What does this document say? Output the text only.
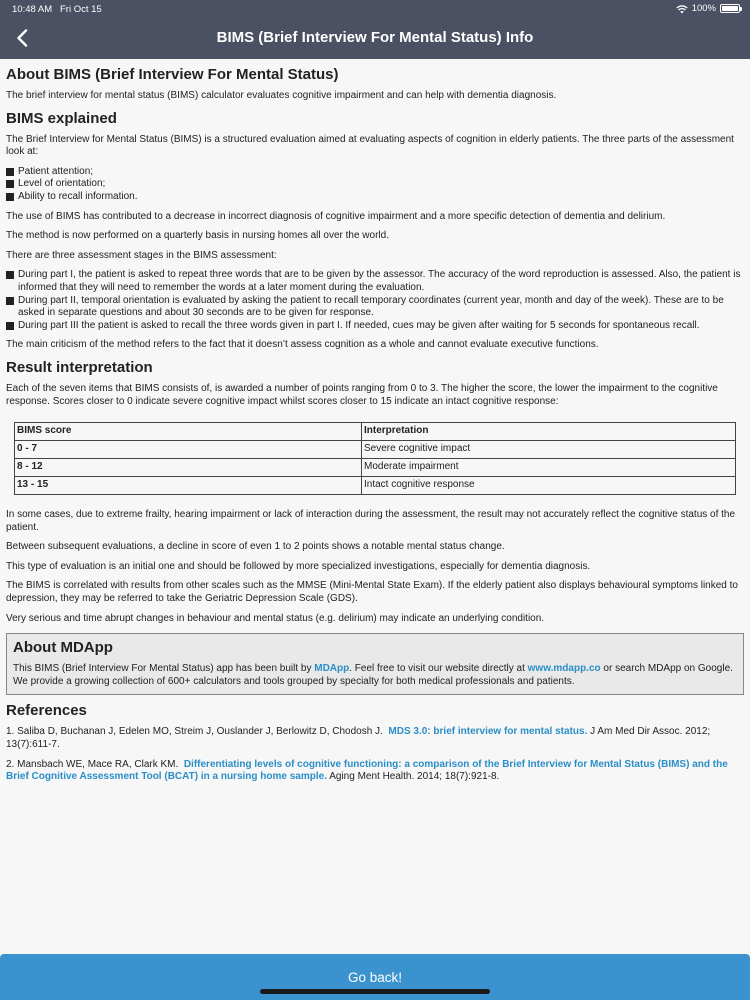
10:48 AM Fri Oct 15	100%
BIMS (Brief Interview For Mental Status) Info
About BIMS (Brief Interview For Mental Status)

The brief interview for mental status (BIMS) calculator evaluates cognitive impairment and can help with dementia diagnosis.

BIMS explained

The Brief Interview for Mental Status (BIMS) is a structured evaluation aimed at evaluating aspects of cognition in elderly patients. The three parts of the assessment look at:

Patient attention;
Level of orientation;
Ability to recall information.

The use of BIMS has contributed to a decrease in incorrect diagnosis of cognitive impairment and a more specific detection of dementia and delirium.

The method is now performed on a quarterly basis in nursing homes all over the world.

There are three assessment stages in the BIMS assessment:

During part I, the patient is asked to repeat three words that are to be given by the assessor. The accuracy of the word reproduction is assessed. Also, the patient is informed that they will need to remember the words at a later moment during the evaluation.
During part II, temporal orientation is evaluated by asking the patient to recall temporary coordinates (current year, month and day of the week). These are to be asked in separate questions and about 30 seconds are to be given for response.
During part III the patient is asked to recall the three words given in part I. If needed, cues may be given after waiting for 5 seconds for spontaneous recall.

The main criticism of the method refers to the fact that it doesn’t assess cognition as a whole and cannot evaluate executive functions.

Result interpretation

Each of the seven items that BIMS consists of, is awarded a number of points ranging from 0 to 3. The higher the score, the lower the impairment to the cognitive response. Scores closer to 0 indicate severe cognitive impact whilst scores closer to 15 indicate an intact cognitive response:

BIMS score	Interpretation
0 - 7	Severe cognitive impact
8 - 12	Moderate impairment
13 - 15	Intact cognitive response

In some cases, due to extreme frailty, hearing impairment or lack of interaction during the assessment, the result may not accurately reflect the cognitive status of the patient.

Between subsequent evaluations, a decline in score of even 1 to 2 points shows a notable mental status change.

This type of evaluation is an initial one and should be followed by more specialized investigations, especially for dementia diagnosis.

The BIMS is correlated with results from other scales such as the MMSE (Mini-Mental State Exam). If the elderly patient also displays behavioural symptoms linked to depression, they may be referred to take the Geriatric Depression Scale (GDS).

Very serious and time abrupt changes in behaviour and mental status (e.g. delirium) may indicate an underlying condition.

About MDApp

This BIMS (Brief Interview For Mental Status) app has been built by MDApp. Feel free to visit our website directly at www.mdapp.co or search MDApp on Google. We provide a growing collection of 600+ calculators and tools grouped by specialty for both medical professionals and patients.

References

1. Saliba D, Buchanan J, Edelen MO, Streim J, Ouslander J, Berlowitz D, Chodosh J.  MDS 3.0: brief interview for mental status. J Am Med Dir Assoc. 2012; 13(7):611-7.

2. Mansbach WE, Mace RA, Clark KM.  Differentiating levels of cognitive functioning: a comparison of the Brief Interview for Mental Status (BIMS) and the Brief Cognitive Assessment Tool (BCAT) in a nursing home sample. Aging Ment Health. 2014; 18(7):921-8.

Go back!
